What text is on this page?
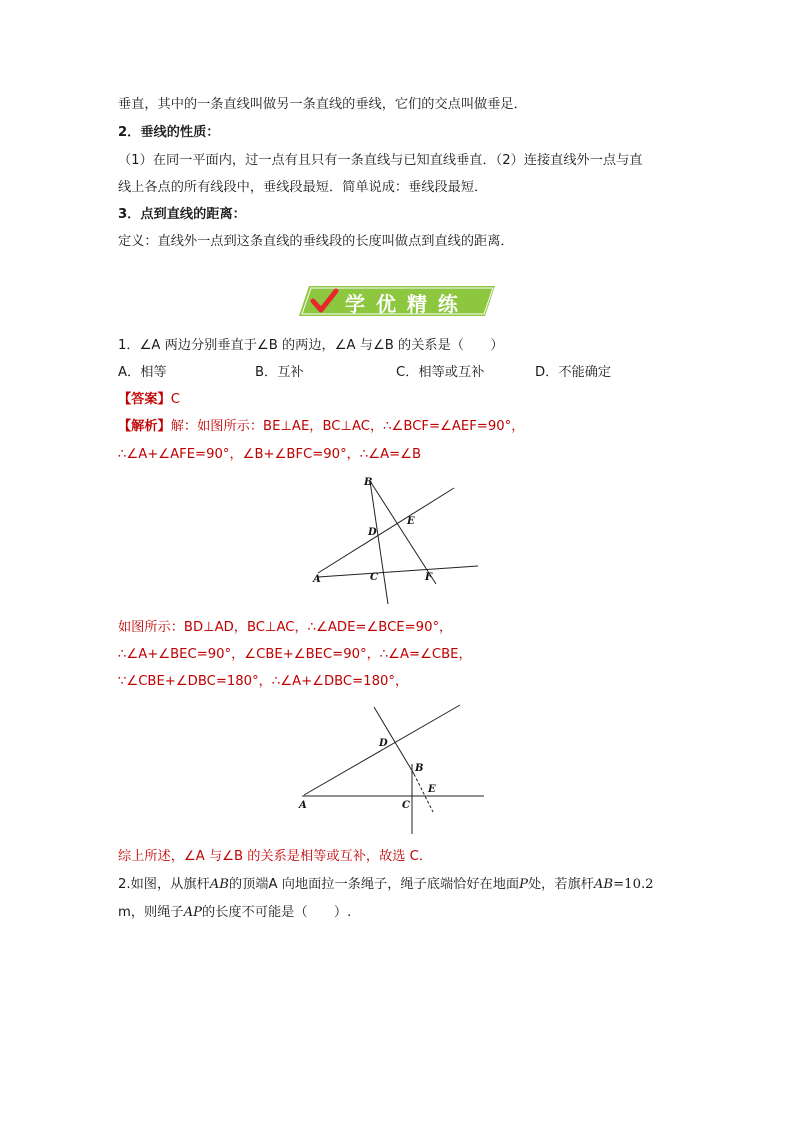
垂直，其中的一条直线叫做另一条直线的垂线，它们的交点叫做垂足．
2．垂线的性质：
（1）在同一平面内，过一点有且只有一条直线与已知直线垂直．（2）连接直线外一点与直
线上各点的所有线段中，垂线段最短．简单说成：垂线段最短．
3．点到直线的距离：
定义：直线外一点到这条直线的垂线段的长度叫做点到直线的距离．
学 优 精 练
1．∠A 两边分别垂直于∠B 的两边，∠A 与∠B 的关系是（　　）
A．相等	B．互补	C．相等或互补	D．不能确定
【答案】C
【解析】解：如图所示：BE⊥AE，BC⊥AC，∴∠BCF=∠AEF=90°，
∴∠A+∠AFE=90°，∠B+∠BFC=90°，∴∠A=∠B
B
E
D
A	C	F
如图所示：BD⊥AD，BC⊥AC，∴∠ADE=∠BCE=90°，
∴∠A+∠BEC=90°，∠CBE+∠BEC=90°，∴∠A=∠CBE，
∵∠CBE+∠DBC=180°，∴∠A+∠DBC=180°，
D
B
E
A	C
综上所述，∠A 与∠B 的关系是相等或互补，故选 C．
2.如图，从旗杆AB的顶端A 向地面拉一条绳子，绳子底端恰好在地面P处，若旗杆AB=10.2
m，则绳子AP的长度不可能是（　　）.
